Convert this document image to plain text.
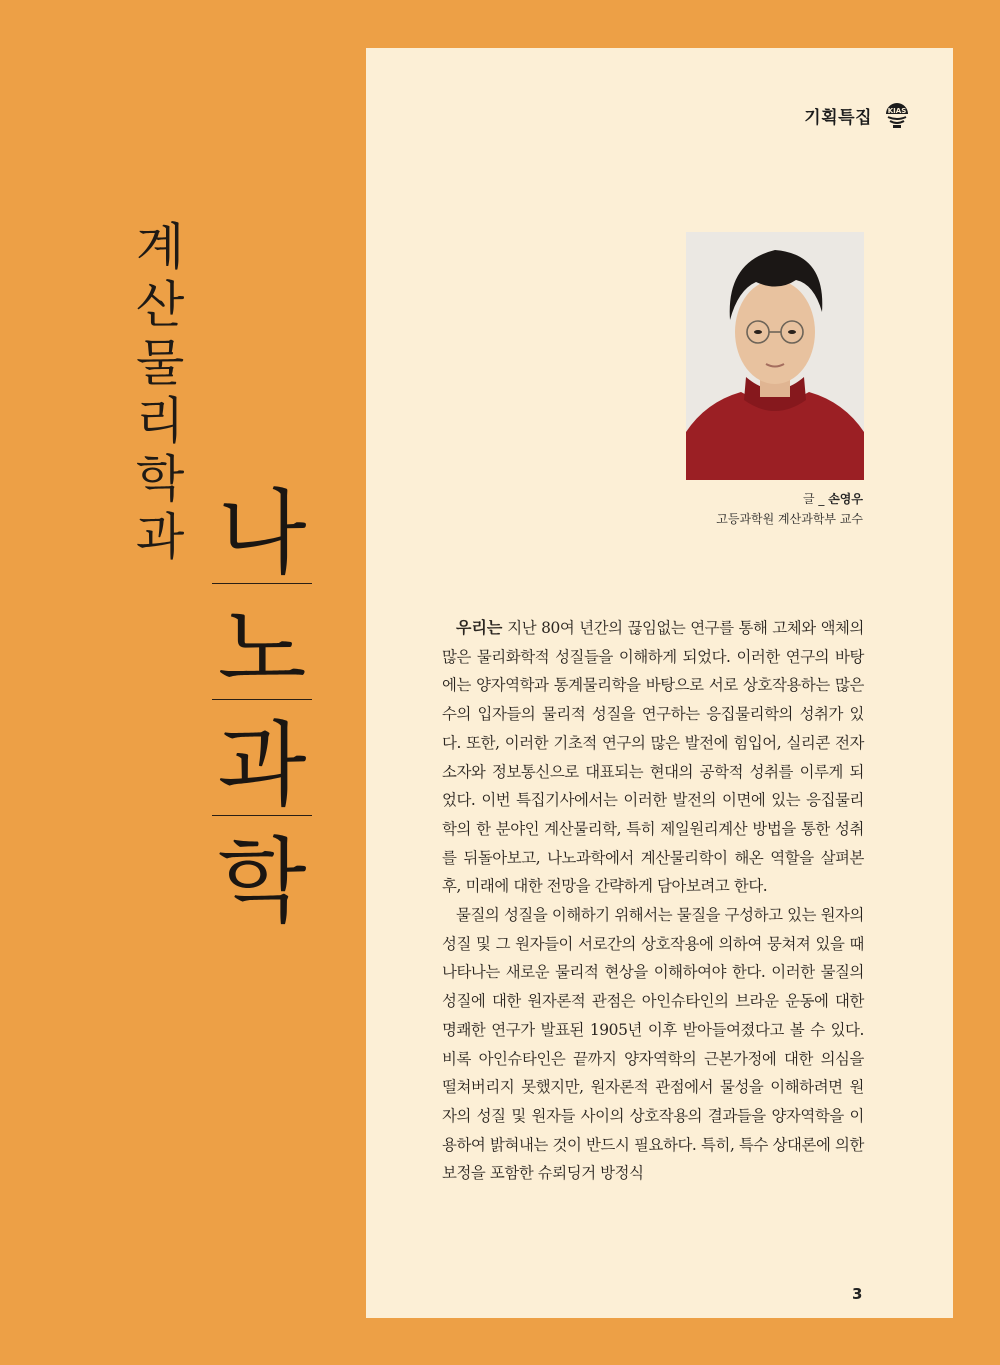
기획특집 KIAS
계
산
물
리
학
과 나
노
과
학
글 _ 손영우
고등과학원 계산과학부 교수

우리는 지난 80여 년간의 끊임없는 연구를 통해 고체와 액체의 많은 물리화학적 성질들을 이해하게 되었다. 이러한 연구의 바탕에는 양자역학과 통계물리학을 바탕으로 서로 상호작용하는 많은 수의 입자들의 물리적 성질을 연구하는 응집물리학의 성취가 있다. 또한, 이러한 기초적 연구의 많은 발전에 힘입어, 실리콘 전자소자와 정보통신으로 대표되는 현대의 공학적 성취를 이루게 되었다. 이번 특집기사에서는 이러한 발전의 이면에 있는 응집물리학의 한 분야인 계산물리학, 특히 제일원리계산 방법을 통한 성취를 뒤돌아보고, 나노과학에서 계산물리학이 해온 역할을 살펴본 후, 미래에 대한 전망을 간략하게 담아보려고 한다.

물질의 성질을 이해하기 위해서는 물질을 구성하고 있는 원자의 성질 및 그 원자들이 서로간의 상호작용에 의하여 뭉쳐져 있을 때 나타나는 새로운 물리적 현상을 이해하여야 한다. 이러한 물질의 성질에 대한 원자론적 관점은 아인슈타인의 브라운 운동에 대한 명쾌한 연구가 발표된 1905년 이후 받아들여졌다고 볼 수 있다. 비록 아인슈타인은 끝까지 양자역학의 근본가정에 대한 의심을 떨쳐버리지 못했지만, 원자론적 관점에서 물성을 이해하려면 원자의 성질 및 원자들 사이의 상호작용의 결과들을 양자역학을 이용하여 밝혀내는 것이 반드시 필요하다. 특히, 특수 상대론에 의한 보정을 포함한 슈뢰딩거 방정식

3
